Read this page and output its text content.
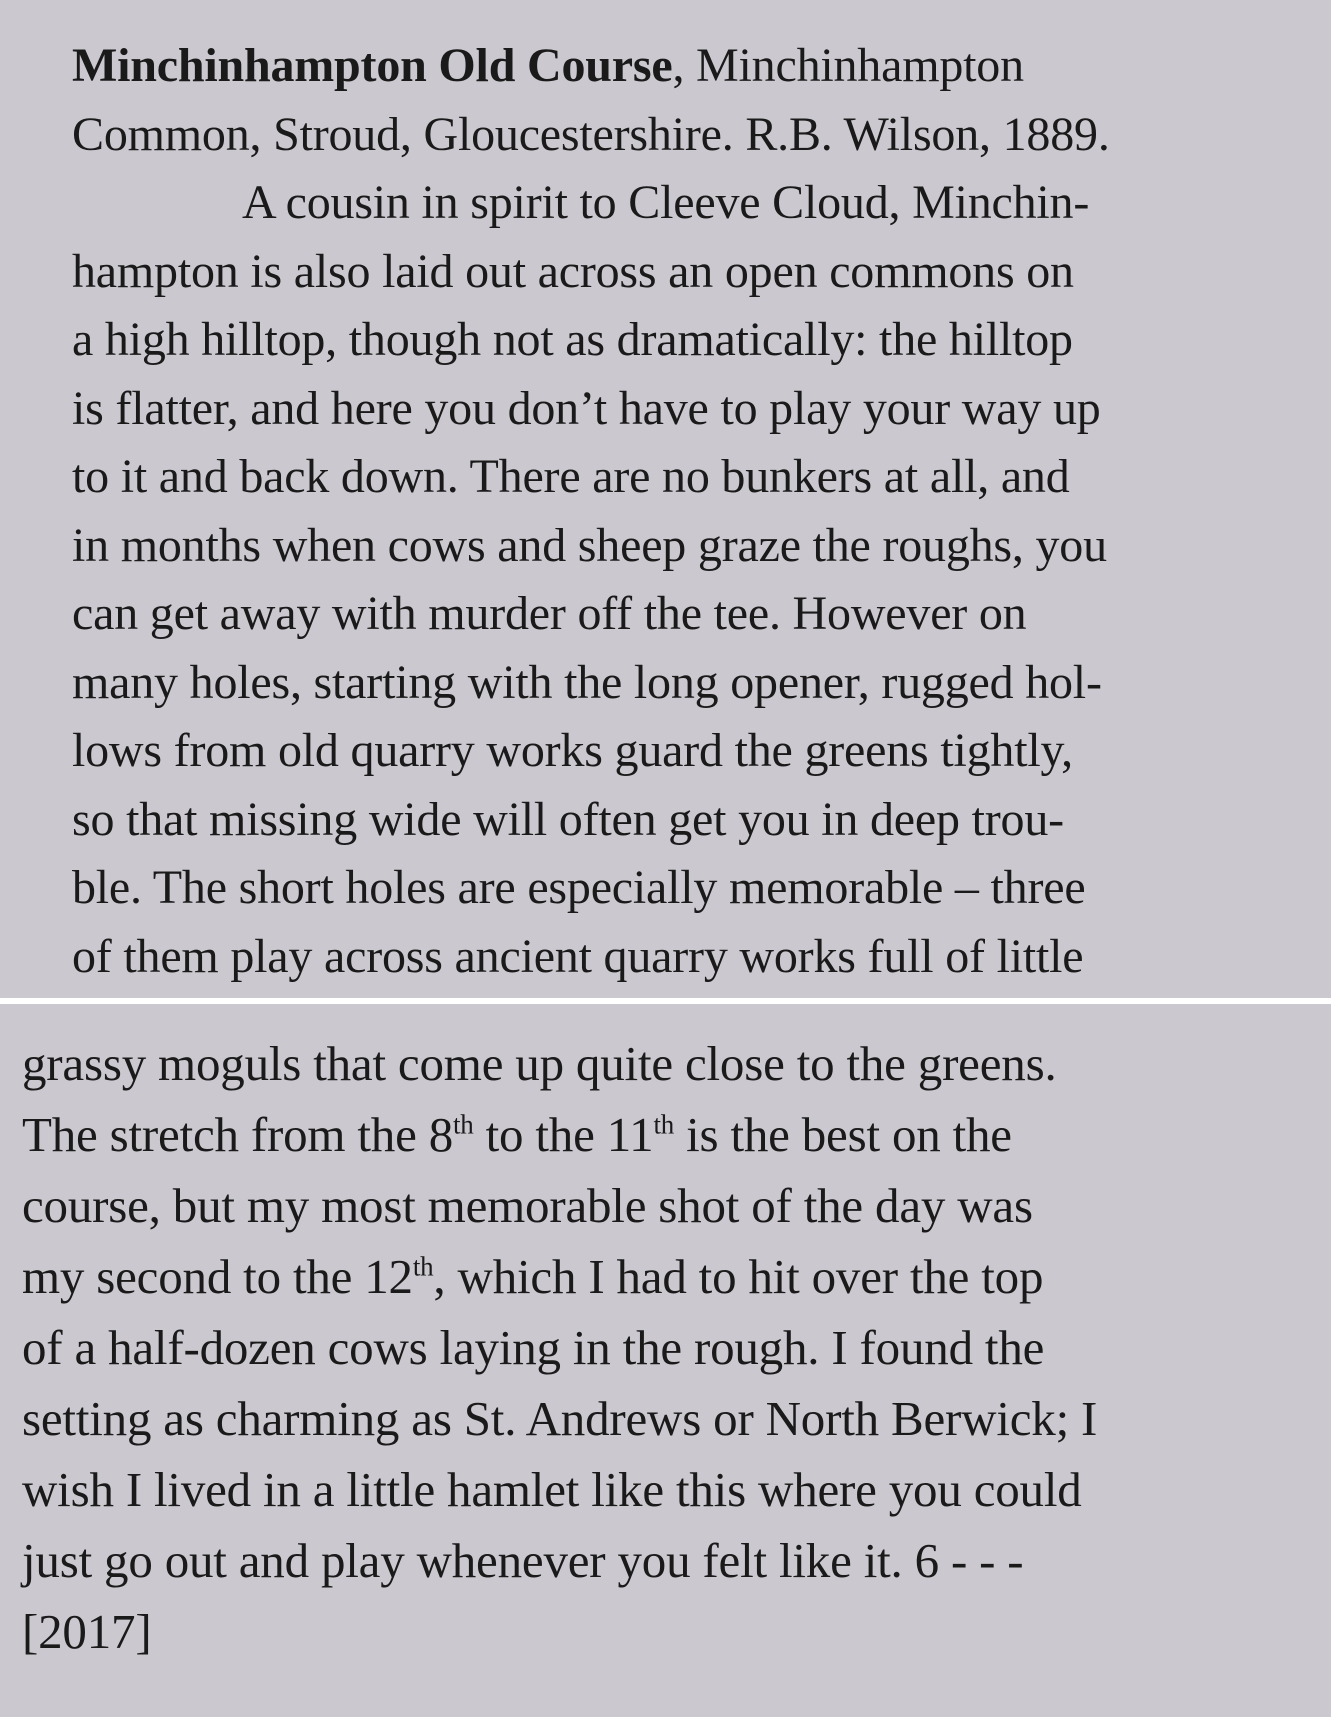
Minchinhampton Old Course, Minchinhampton
Common, Stroud, Gloucestershire. R.B. Wilson, 1889.
A cousin in spirit to Cleeve Cloud, Minchin-
hampton is also laid out across an open commons on
a high hilltop, though not as dramatically: the hilltop
is flatter, and here you don’t have to play your way up
to it and back down. There are no bunkers at all, and
in months when cows and sheep graze the roughs, you
can get away with murder off the tee. However on
many holes, starting with the long opener, rugged hol-
lows from old quarry works guard the greens tightly,
so that missing wide will often get you in deep trou-
ble. The short holes are especially memorable – three
of them play across ancient quarry works full of little
grassy moguls that come up quite close to the greens.
The stretch from the 8th to the 11th is the best on the
course, but my most memorable shot of the day was
my second to the 12th, which I had to hit over the top
of a half-dozen cows laying in the rough. I found the
setting as charming as St. Andrews or North Berwick; I
wish I lived in a little hamlet like this where you could
just go out and play whenever you felt like it. 6 - - -
[2017]
